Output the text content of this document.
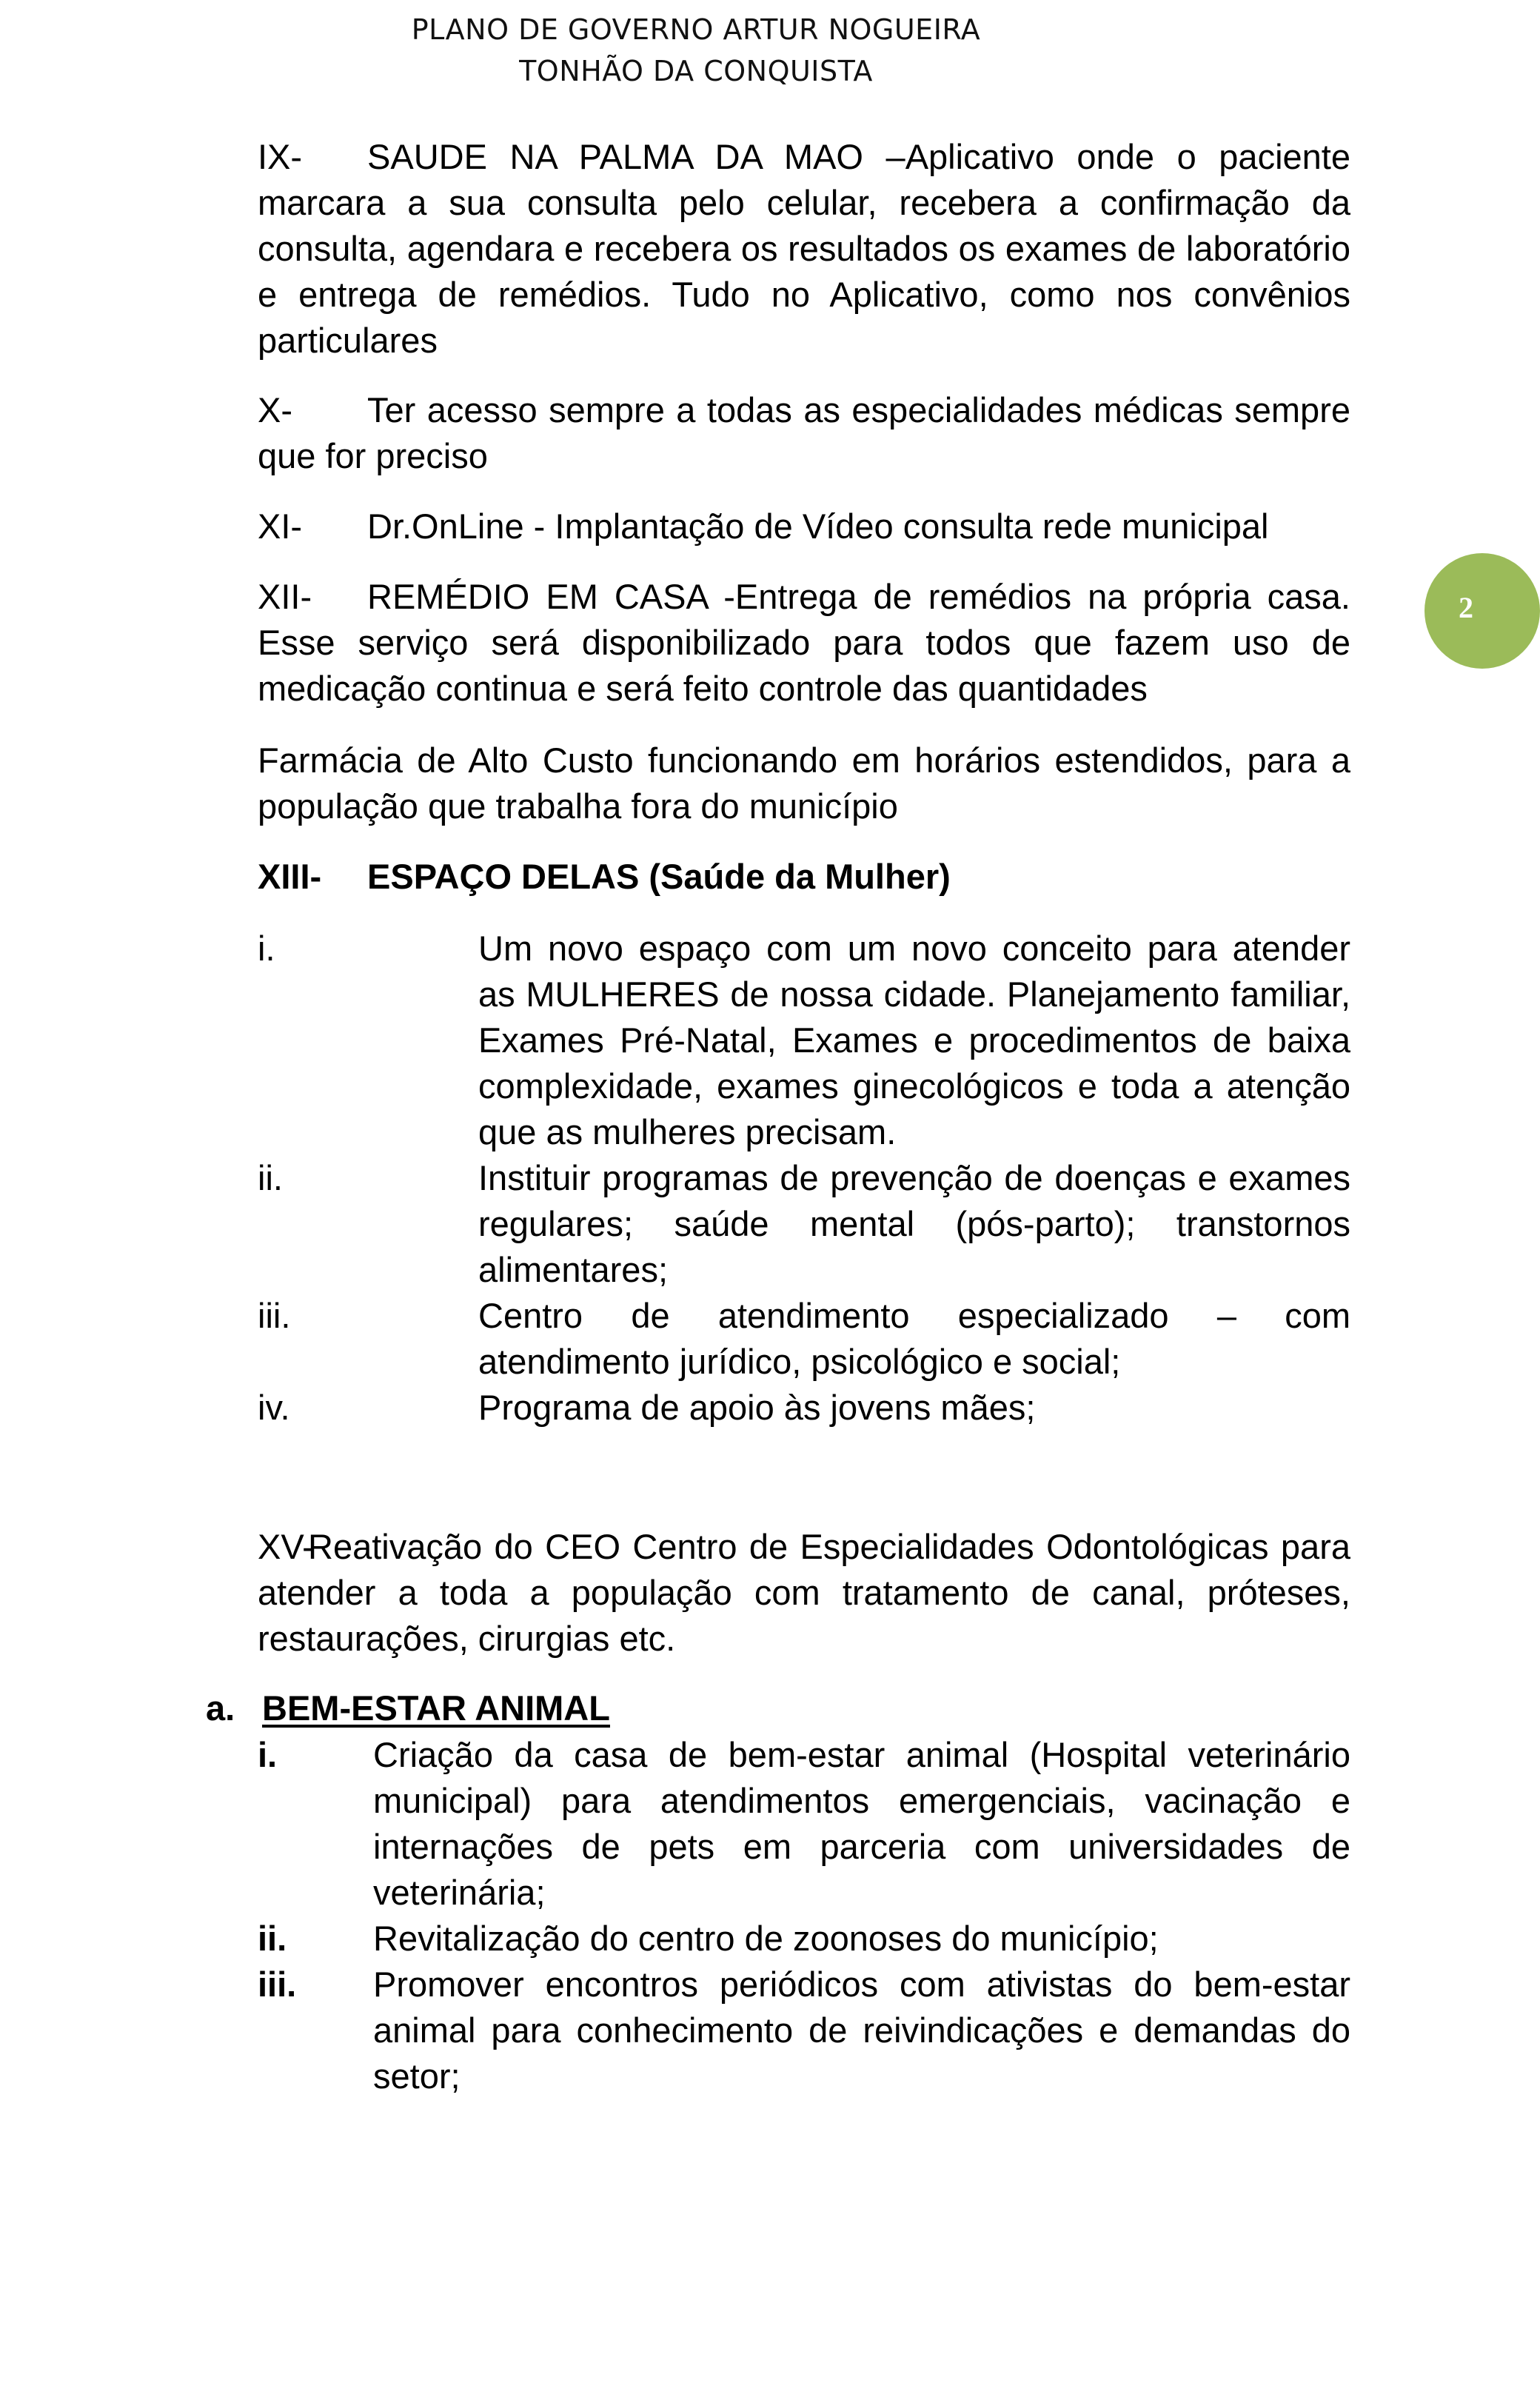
PLANO DE GOVERNO ARTUR NOGUEIRA
TONHÃO DA CONQUISTA
2
IX- SAUDE NA PALMA DA MAO –Aplicativo onde o paciente marcara a sua consulta pelo celular, recebera a confirmação da consulta, agendara e recebera os resultados os exames de laboratório e entrega de remédios. Tudo no Aplicativo, como nos convênios particulares
X- Ter acesso sempre a todas as especialidades médicas sempre que for preciso
XI- Dr.OnLine - Implantação de Vídeo consulta rede municipal
XII- REMÉDIO EM CASA -Entrega de remédios na própria casa. Esse serviço será disponibilizado para todos que fazem uso de medicação continua e será feito controle das quantidades
Farmácia de Alto Custo funcionando em horários estendidos, para a população que trabalha fora do município
XIII- ESPAÇO DELAS (Saúde da Mulher)
i.	Um novo espaço com um novo conceito para atender as MULHERES de nossa cidade. Planejamento familiar, Exames Pré-Natal, Exames e procedimentos de baixa complexidade, exames ginecológicos e toda a atenção que as mulheres precisam.
ii.	Instituir programas de prevenção de doenças e exames regulares; saúde mental (pós-parto); transtornos alimentares;
iii.	Centro de atendimento especializado – com atendimento jurídico, psicológico e social;
iv.	Programa de apoio às jovens mães;
XV-Reativação do CEO Centro de Especialidades Odontológicas para atender a toda a população com tratamento de canal, próteses, restaurações, cirurgias etc.
a. BEM-ESTAR ANIMAL
i.	Criação da casa de bem-estar animal (Hospital veterinário municipal) para atendimentos emergenciais, vacinação e internações de pets em parceria com universidades de veterinária;
ii.	Revitalização do centro de zoonoses do município;
iii.	Promover encontros periódicos com ativistas do bem-estar animal para conhecimento de reivindicações e demandas do setor;
